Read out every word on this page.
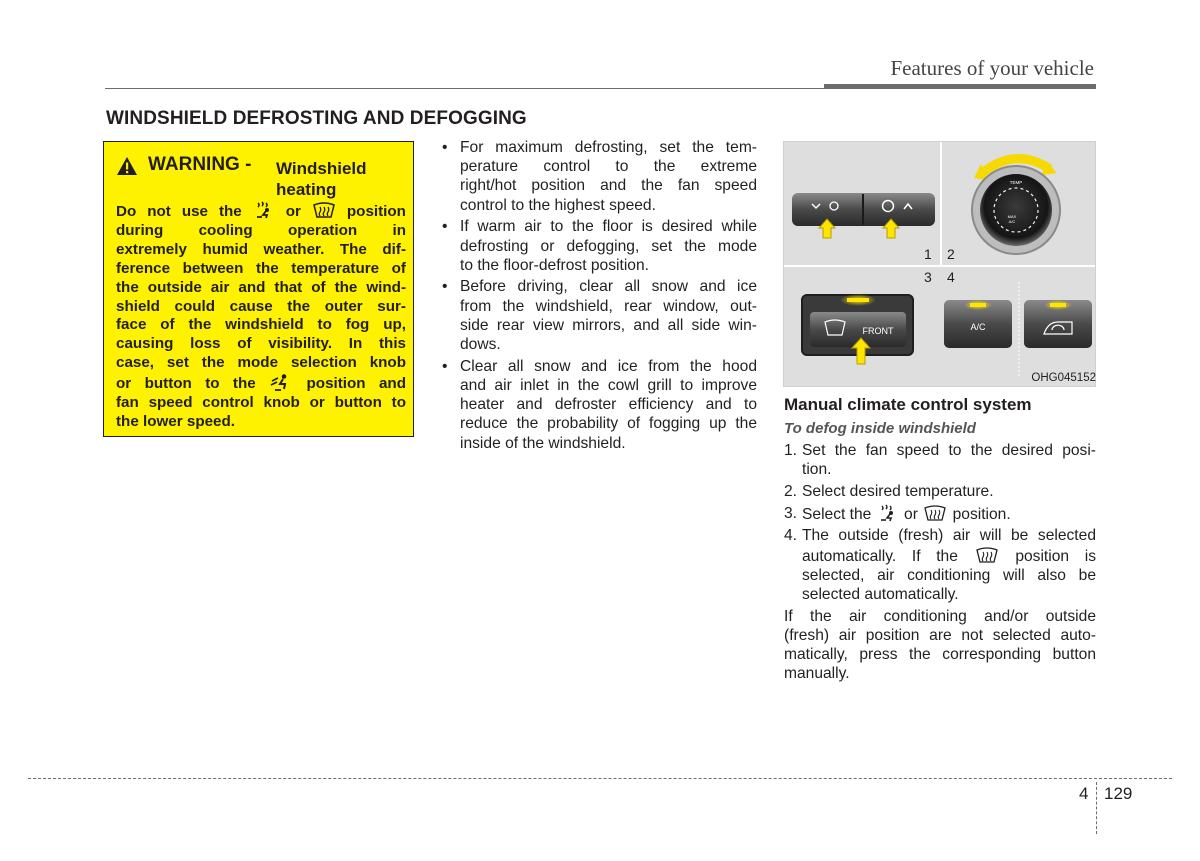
Features of your vehicle
WINDSHIELD DEFROSTING AND DEFOGGING
WARNING - Windshield
heating
Do not use the	or	position
during cooling operation in
extremely humid weather. The dif-
ference between the temperature of
the outside air and that of the wind-
shield could cause the outer sur-
face of the windshield to fog up,
causing loss of visibility. In this
case, set the mode selection knob
or button to the	position and
fan speed control knob or button to
the lower speed.
• For maximum defrosting, set the tem-
perature control to the extreme
right/hot position and the fan speed
control to the highest speed.
• If warm air to the floor is desired while
defrosting or defogging, set the mode
to the floor-defrost position.
• Before driving, clear all snow and ice
from the windshield, rear window, out-
side rear view mirrors, and all side win-
dows.
• Clear all snow and ice from the hood
and air inlet in the cowl grill to improve
heater and defroster efficiency and to
reduce the probability of fogging up the
inside of the windshield.
TEMP
MAX
A/C
1 2
3 4
FRONT	A/C
OHG045152
Manual climate control system
To defog inside windshield
1. Set the fan speed to the desired posi-
tion.
2. Select desired temperature.
3. Select the or position.
4. The outside (fresh) air will be selected
automatically. If the	position is
selected, air conditioning will also be
selected automatically.
If the air conditioning and/or outside
(fresh) air position are not selected auto-
matically, press the corresponding button
manually.
4 129
